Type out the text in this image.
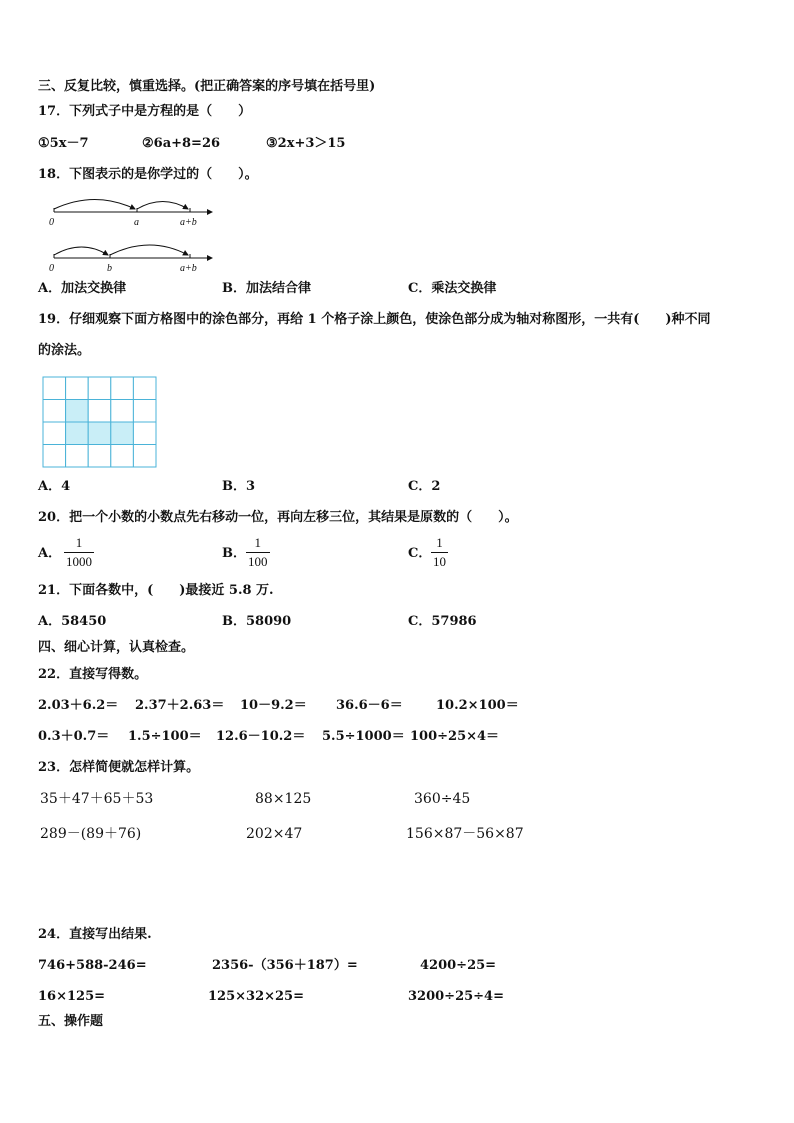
三、反复比较，慎重选择。(把正确答案的序号填在括号里)
17．下列式子中是方程的是（　　）
①5x－7	②6a+8=26	③2x+3＞15
18．下图表示的是你学过的（　　）。
0	a	a+b
0	b	a+b
A．加法交换律	B．加法结合律	C．乘法交换律
19．仔细观察下面方格图中的涂色部分，再给 1 个格子涂上颜色，使涂色部分成为轴对称图形，一共有(　　)种不同
的涂法。
A．4	B．3	C．2
20．把一个小数的小数点先右移动一位，再向左移三位，其结果是原数的（　　）。
A．
1
1000
B．
1
100
C．
1
10
21．下面各数中，(　　)最接近 5.8 万.
A．58450	B．58090	C．57986
四、细心计算，认真检查。
22．直接写得数。
2.03＋6.2＝ 2.37＋2.63＝ 10－9.2＝ 36.6－6＝	10.2×100＝
0.3＋0.7＝ 1.5÷100＝ 12.6－10.2＝ 5.5÷1000＝ 100÷25×4＝
23．怎样简便就怎样计算。
35＋47＋65＋53	88×125	360÷45
289－(89＋76)	202×47	156×87－56×87
24．直接写出结果.
746+588-246=	2356-（356＋187）=	4200÷25=
16×125=	125×32×25=	3200÷25÷4=
五、操作题
